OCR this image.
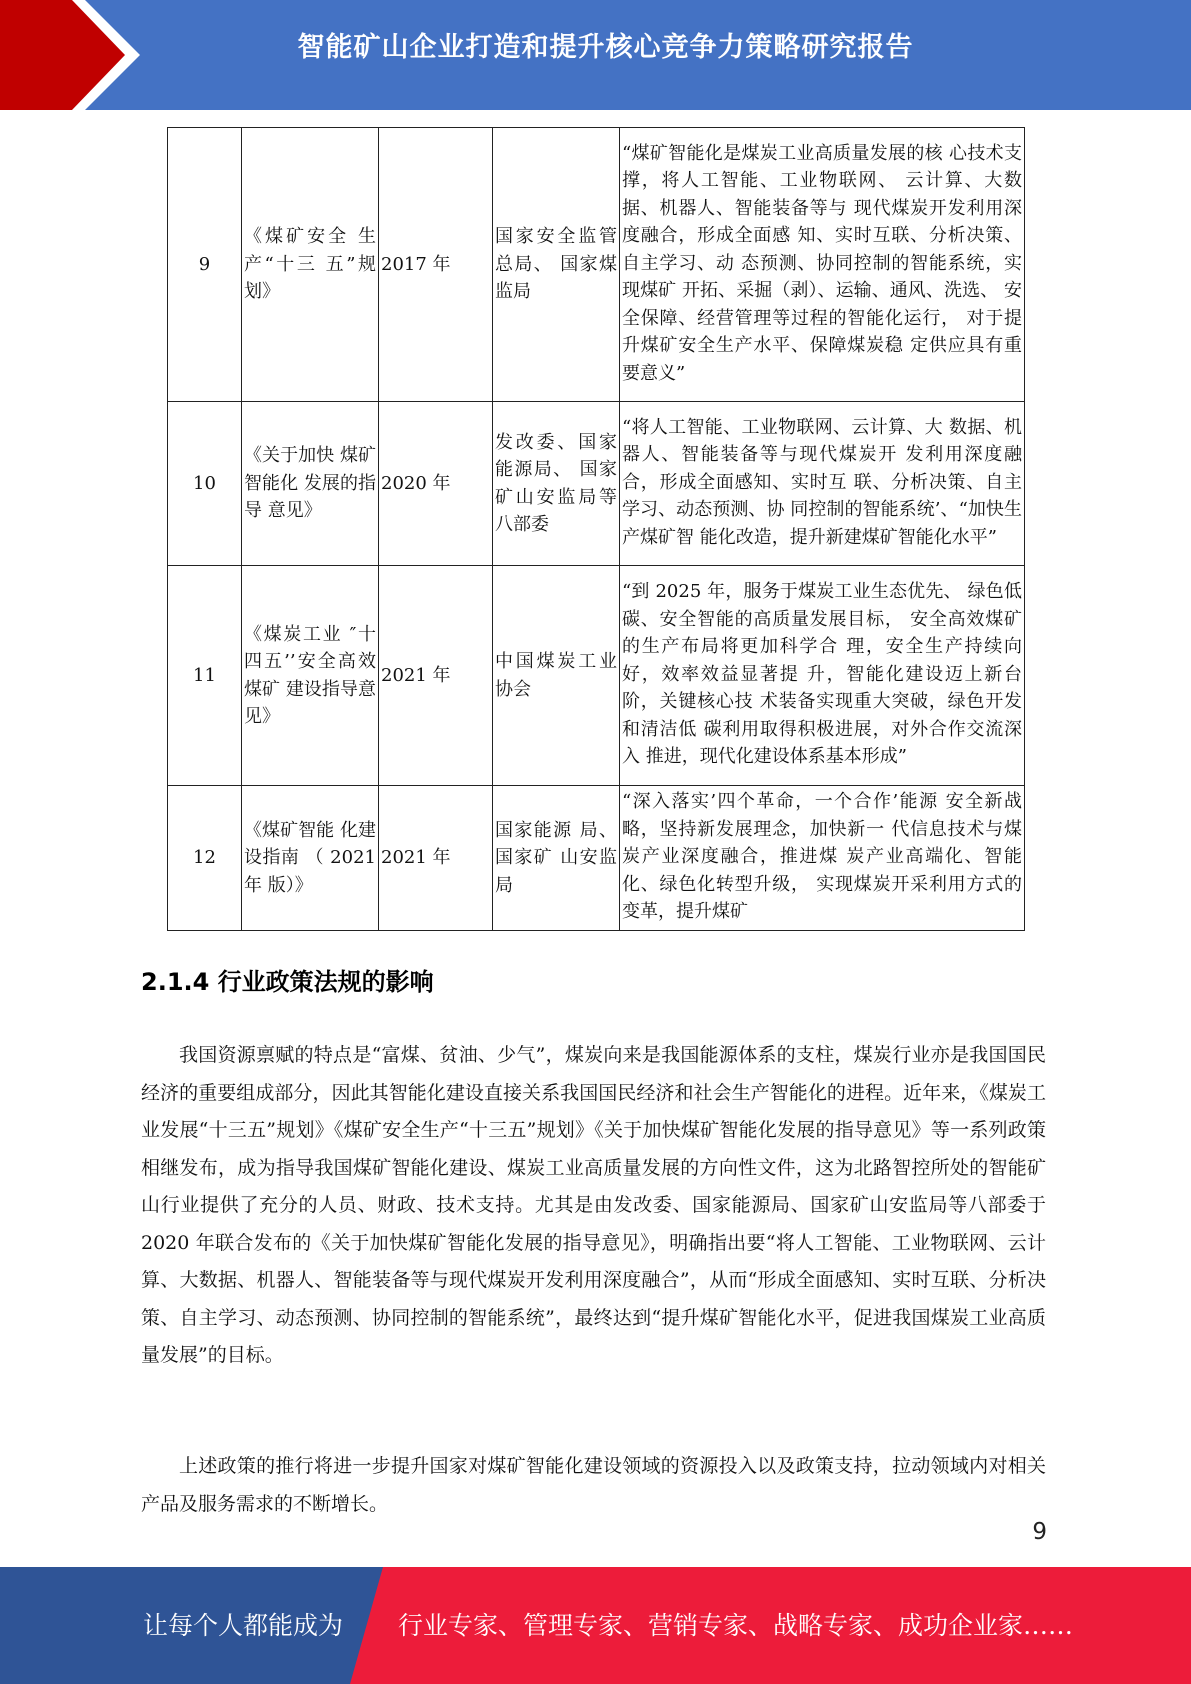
智能矿山企业打造和提升核心竞争力策略研究报告
9	《煤矿安全 生产“十三 五”规划》	2017 年	国家安全监管总局、 国家煤监局	“煤矿智能化是煤炭工业高质量发展的核 心技术支撑，将人工智能、工业物联网、 云计算、大数据、机器人、智能装备等与 现代煤炭开发利用深度融合，形成全面感 知、实时互联、分析决策、自主学习、动 态预测、协同控制的智能系统，实现煤矿 开拓、采掘（剥）、运输、通风、洗选、 安全保障、经营管理等过程的智能化运行， 对于提升煤矿安全生产水平、保障煤炭稳 定供应具有重要意义”
10	《关于加快 煤矿智能化 发展的指导 意见》	2020 年	发改委、国家能源局、 国家矿山安监局等八部委	“将人工智能、工业物联网、云计算、大 数据、机器人、智能装备等与现代煤炭开 发利用深度融合，形成全面感知、实时互 联、分析决策、自主学习、动态预测、协 同控制的智能系统’、“加快生产煤矿智 能化改造，提升新建煤矿智能化水平”
11	《煤炭工业 ″十四五’’安全高效煤矿 建设指导意 见》	2021 年	中国煤炭工业协会	“到 2025 年，服务于煤炭工业生态优先、 绿色低碳、安全智能的高质量发展目标， 安全高效煤矿的生产布局将更加科学合 理，安全生产持续向好，效率效益显著提 升，智能化建设迈上新台阶，关键核心技 术装备实现重大突破，绿色开发和清洁低 碳利用取得积极进展，对外合作交流深入 推进，现代化建设体系基本形成”
12	《煤矿智能 化建设指南 （ 2021 年 版）》	2021 年	国家能源 局、国家矿 山安监局	“深入落实’四个革命，一个合作’能源 安全新战略，坚持新发展理念，加快新一 代信息技术与煤炭产业深度融合，推进煤 炭产业高端化、智能化、绿色化转型升级， 实现煤炭开采利用方式的变革，提升煤矿
2.1.4 行业政策法规的影响

我国资源禀赋的特点是“富煤、贫油、少气”，煤炭向来是我国能源体系的支柱，煤炭行业亦是我国国民经济的重要组成部分，因此其智能化建设直接关系我国国民经济和社会生产智能化的进程。近年来，《煤炭工业发展“十三五”规划》《煤矿安全生产“十三五”规划》《关于加快煤矿智能化发展的指导意见》等一系列政策相继发布，成为指导我国煤矿智能化建设、煤炭工业高质量发展的方向性文件，这为北路智控所处的智能矿山行业提供了充分的人员、财政、技术支持。尤其是由发改委、国家能源局、国家矿山安监局等八部委于 2020 年联合发布的《关于加快煤矿智能化发展的指导意见》，明确指出要“将人工智能、工业物联网、云计算、大数据、机器人、智能装备等与现代煤炭开发利用深度融合”，从而“形成全面感知、实时互联、分析决策、自主学习、动态预测、协同控制的智能系统”，最终达到“提升煤矿智能化水平，促进我国煤炭工业高质量发展”的目标。

上述政策的推行将进一步提升国家对煤矿智能化建设领域的资源投入以及政策支持，拉动领域内对相关产品及服务需求的不断增长。

9
让每个人都能成为 行业专家、管理专家、营销专家、战略专家、成功企业家……
